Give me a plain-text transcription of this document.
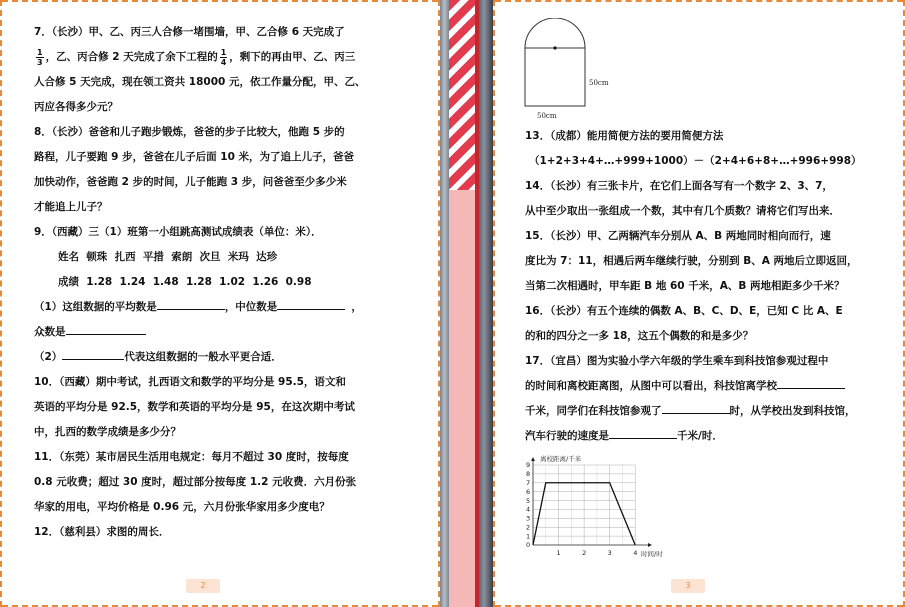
7．（长沙）甲、乙、丙三人合修一堵围墙，甲、乙合修 6 天完成了
$\frac{1}{3}$ ，乙、丙合修 2 天完成了余下工程的 $\frac{1}{4}$ ，剩下的再由甲、乙、丙三
人合修 5 天完成，现在领工资共 18000 元，依工作量分配，甲、乙、
丙应各得多少元？
8．（长沙）爸爸和儿子跑步锻炼，爸爸的步子比较大，他跑 5 步的
路程，儿子要跑 9 步，爸爸在儿子后面 10 米，为了追上儿子，爸爸
加快动作，爸爸跑 2 步的时间，儿子能跑 3 步，问爸爸至少多少米
才能追上儿子？
9．（西藏）三（1）班第一小组跳高测试成绩表（单位：米）．
姓名  顿珠  扎西  平措  索朗  次旦  米玛  达珍
成绩  1.28  1.24  1.48  1.28  1.02  1.26  0.98
（1）这组数据的平均数是	，中位数是	，
众数是
（2）	代表这组数据的一般水平更合适．
10．（西藏）期中考试，扎西语文和数学的平均分是 95.5，语文和
英语的平均分是 92.5，数学和英语的平均分是 95，在这次期中考试
中，扎西的数学成绩是多少分？
11．（东莞）某市居民生活用电规定：每月不超过 30 度时，按每度
0.8 元收费；超过 30 度时，超过部分按每度 1.2 元收费．六月份张
华家的用电，平均价格是 0.96 元，六月份张华家用多少度电？
12．（慈利县）求图的周长．
2
50cm
50cm
13．（成都）能用简便方法的要用简便方法
（1+2+3+4+…+999+1000）－（2+4+6+8+…+996+998）
14．（长沙）有三张卡片，在它们上面各写有一个数字 2、3、7，
从中至少取出一张组成一个数，其中有几个质数？请将它们写出来．
15．（长沙）甲、乙两辆汽车分别从 A、B 两地同时相向而行，速
度比为 7：11，相遇后两车继续行驶，分别到 B、A 两地后立即返回，
当第二次相遇时，甲车距 B 地 60 千米，A、B 两地相距多少千米？
16．（长沙）有五个连续的偶数 A、B、C、D、E，已知 C 比 A、E
的和的四分之一多 18，这五个偶数的和是多少？
17．（宜昌）图为实验小学六年级的学生乘车到科技馆参观过程中
的时间和离校距离图，从图中可以看出，科技馆离学校
千米，同学们在科技馆参观了	时，从学校出发到科技馆，
汽车行驶的速度是	千米/时．
0
1
2
3
4
5
6
7
8
9
1	2	3	4
离校距离/千米
时间/时
3
